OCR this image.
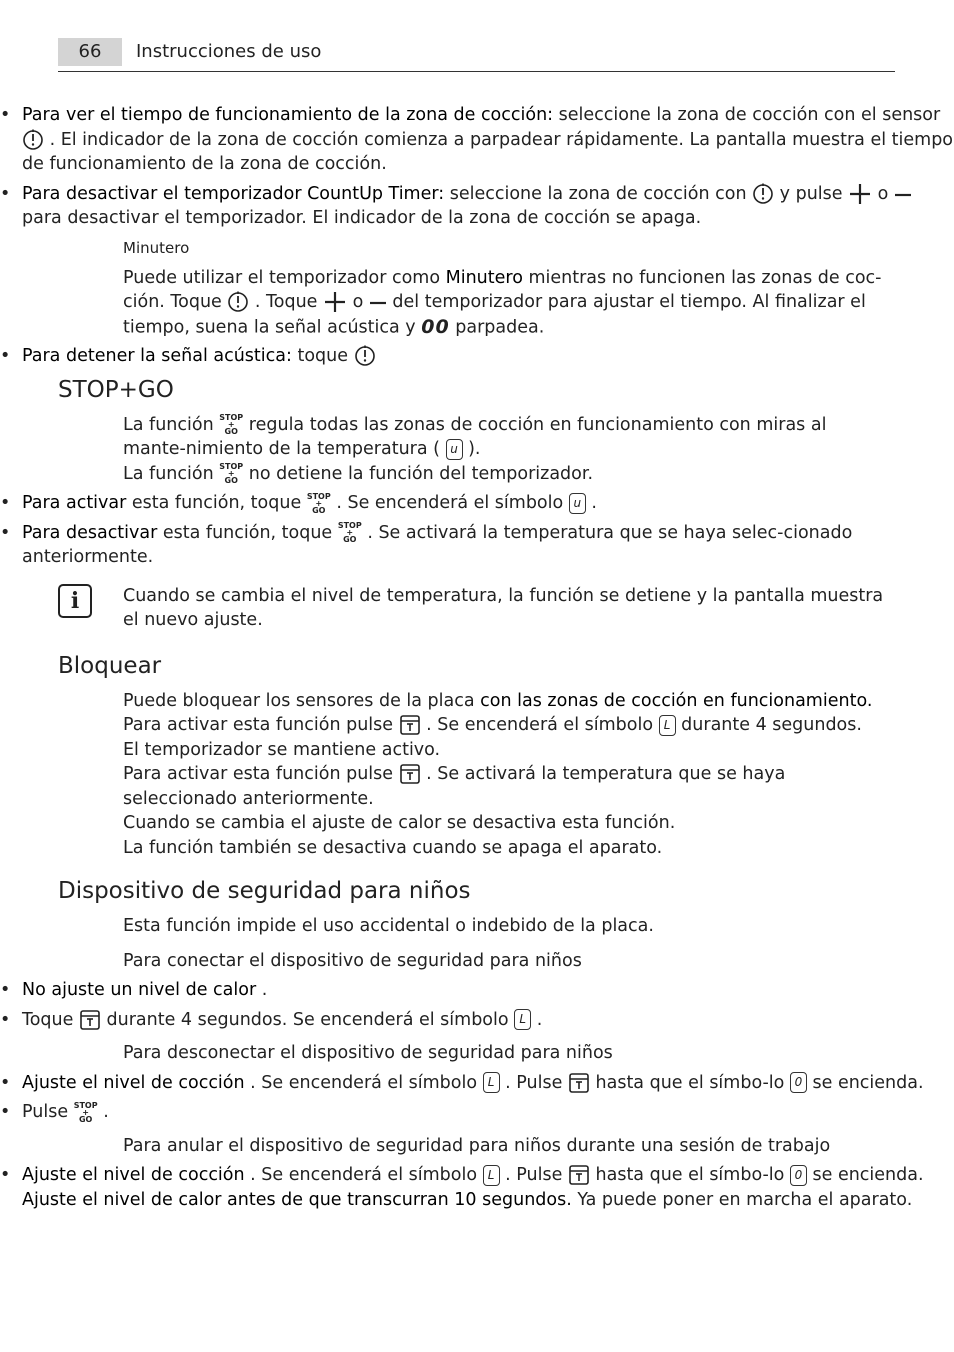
66	Instrucciones de uso
• Para ver el tiempo de funcionamiento de la zona de cocción: seleccione la zona de cocción con el sensor
. El indicador de la zona de cocción comienza a parpadear rápidamente. La pantalla muestra el tiempo de funcionamiento de la zona de cocción.
• Para desactivar el temporizador CountUp Timer: seleccione la zona de cocción con
y pulse
o
para desactivar el temporizador. El indicador de la zona de cocción se apaga.
Minutero

Puede utilizar el temporizador como Minutero mientras no funcionen las zonas de coc-ción. Toque
. Toque
o
del temporizador para ajustar el tiempo. Al finalizar el tiempo, suena la señal acústica y 00 parpadea.

• Para detener la señal acústica: toque
STOP+GO

La función STOP
+
GO regula todas las zonas de cocción en funcionamiento con miras al mante-nimiento de la temperatura ( u ).

La función STOP
+
GO no detiene la función del temporizador.

• Para activar esta función, toque STOP
+
GO . Se encenderá el símbolo u .
• Para desactivar esta función, toque STOP
+
GO . Se activará la temperatura que se haya selec-cionado anteriormente.
i	Cuando se cambia el nivel de temperatura, la función se detiene y la pantalla muestra el nuevo ajuste.

Bloquear

Puede bloquear los sensores de la placa con las zonas de cocción en funcionamiento.

Para activar esta función pulse
. Se encenderá el símbolo L durante 4 segundos.

El temporizador se mantiene activo.

Para activar esta función pulse
. Se activará la temperatura que se haya seleccionado anteriormente.

Cuando se cambia el ajuste de calor se desactiva esta función.

La función también se desactiva cuando se apaga el aparato.

Dispositivo de seguridad para niños

Esta función impide el uso accidental o indebido de la placa.

Para conectar el dispositivo de seguridad para niños

• No ajuste un nivel de calor .
• Toque
durante 4 segundos. Se encenderá el símbolo L .

Para desconectar el dispositivo de seguridad para niños

• Ajuste el nivel de cocción . Se encenderá el símbolo L . Pulse
hasta que el símbo-lo 0 se encienda.
• Pulse STOP
+
GO .

Para anular el dispositivo de seguridad para niños durante una sesión de trabajo

• Ajuste el nivel de cocción . Se encenderá el símbolo L . Pulse
hasta que el símbo-lo 0 se encienda. Ajuste el nivel de calor antes de que transcurran 10 segundos. Ya puede poner en marcha el aparato.
